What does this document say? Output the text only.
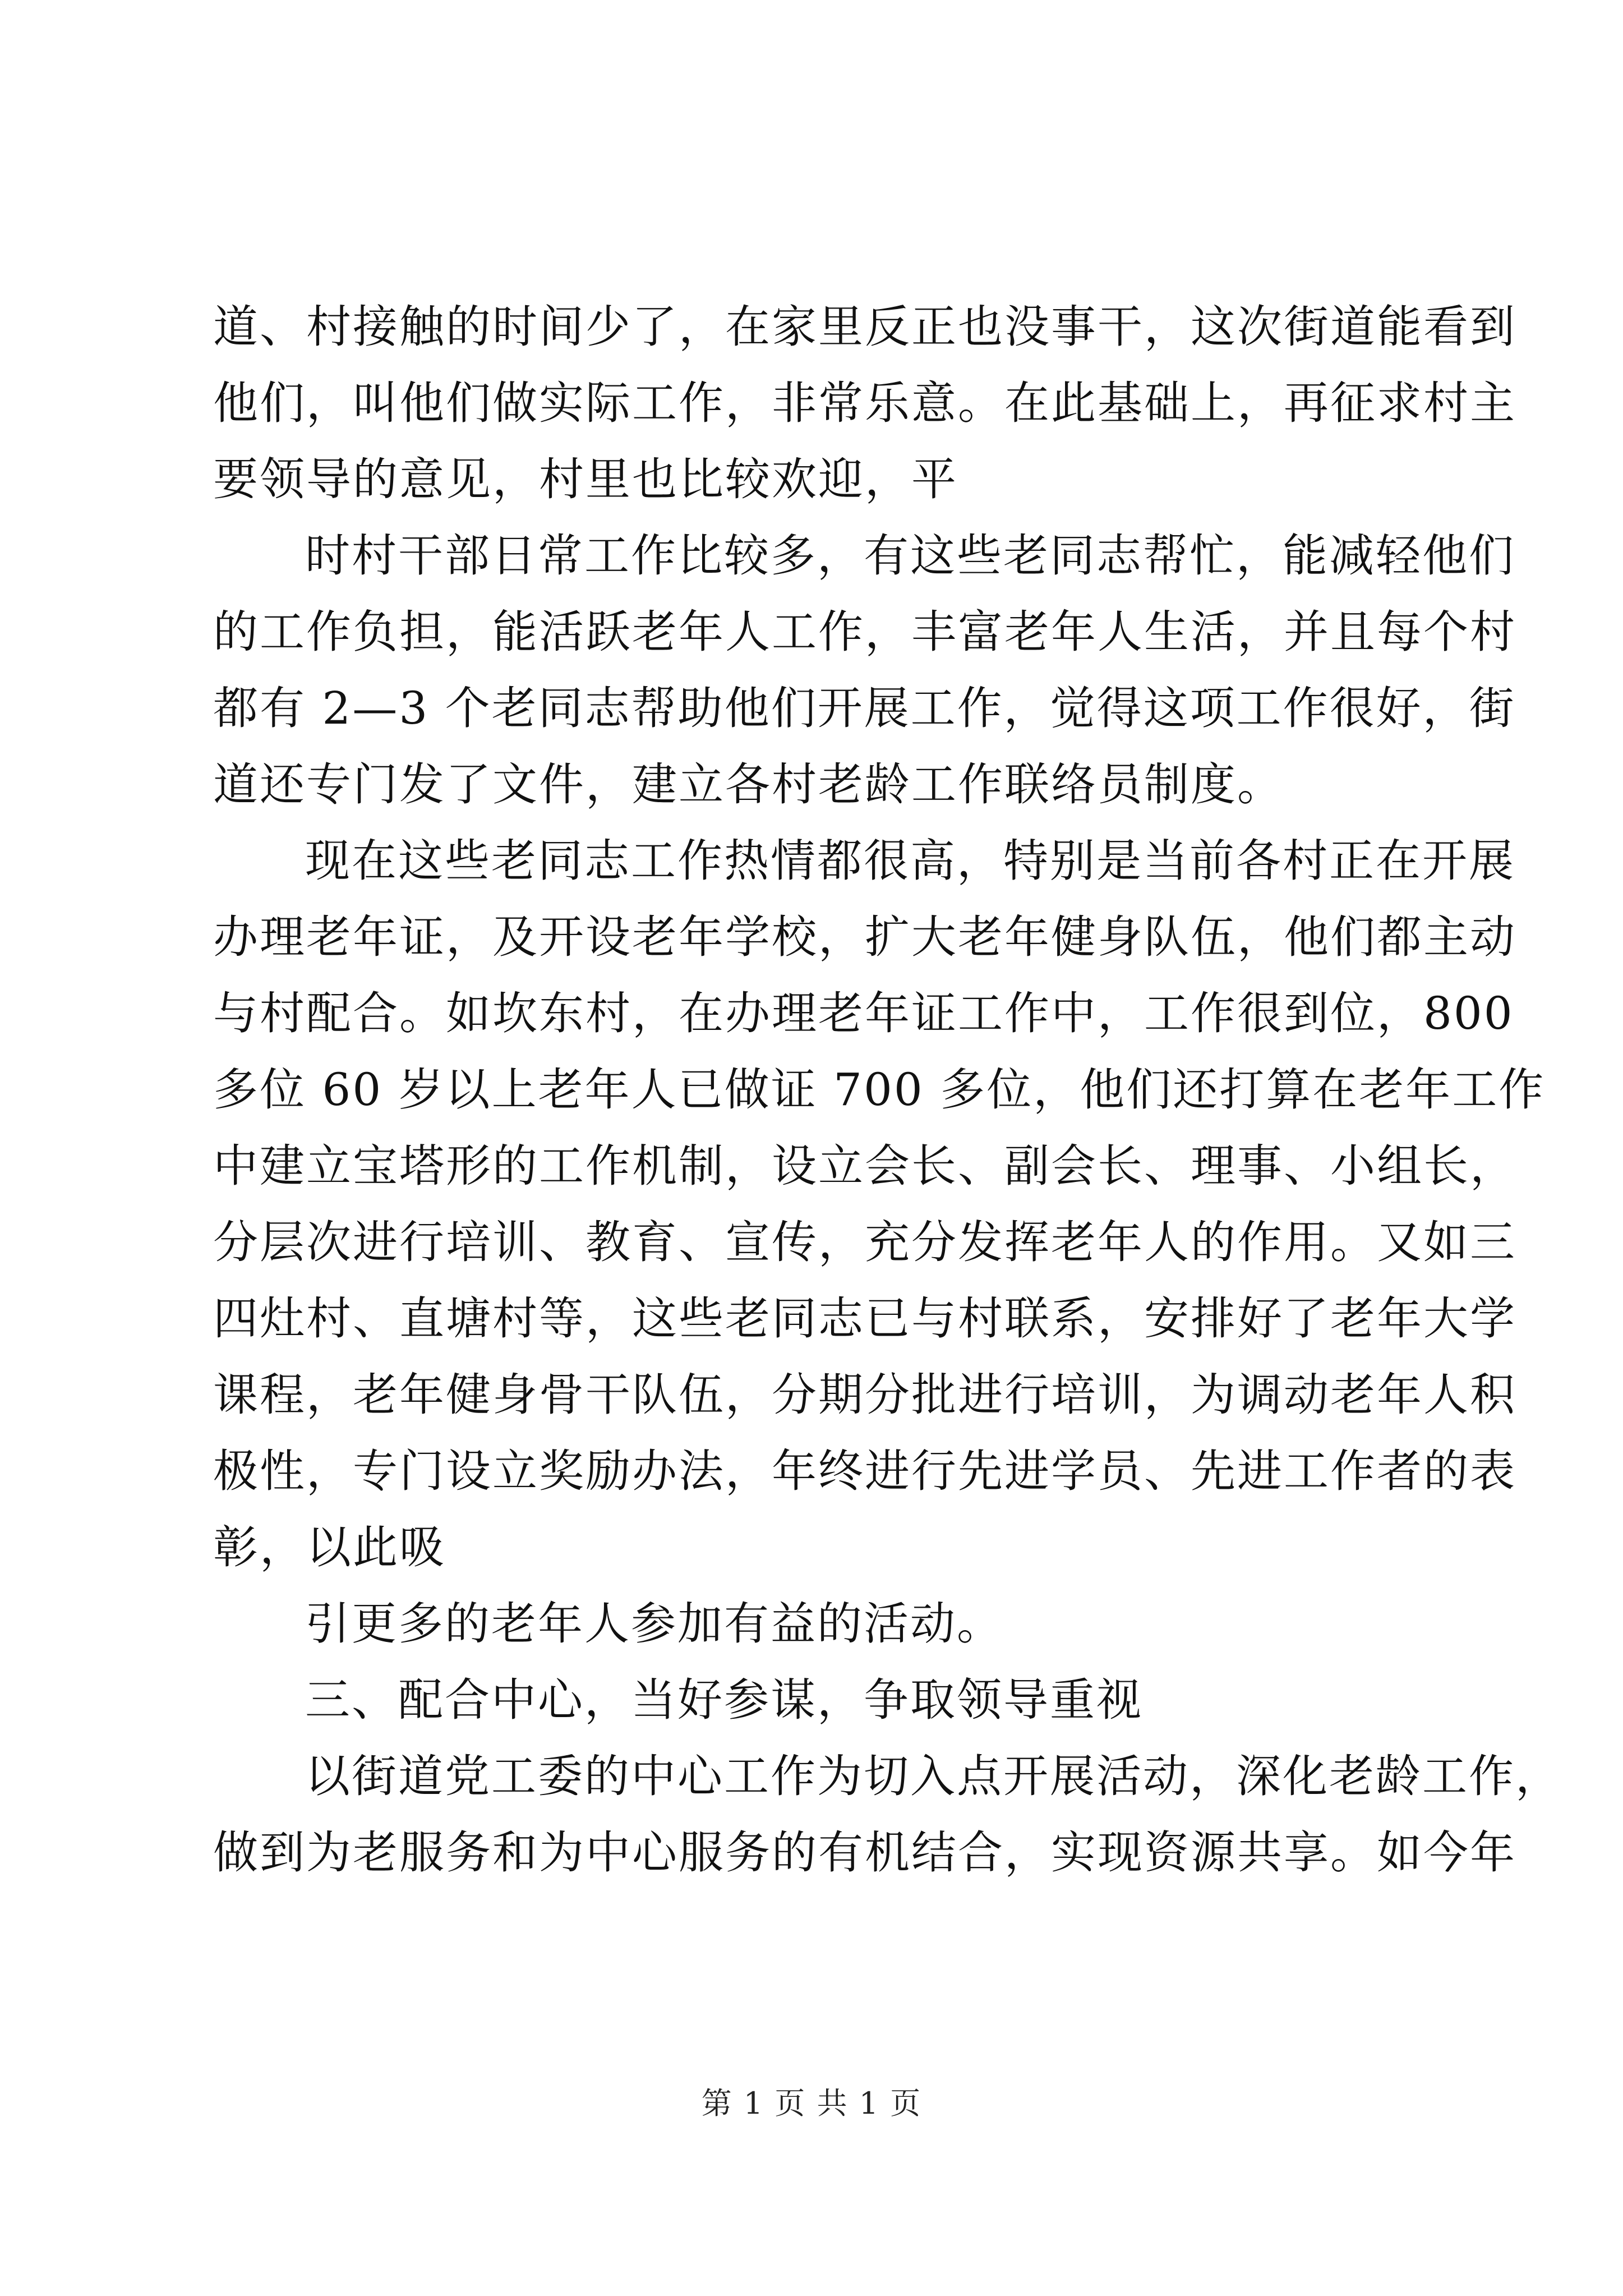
道、村接触的时间少了，在家里反正也没事干，这次街道能看到
他们，叫他们做实际工作，非常乐意。在此基础上，再征求村主
要领导的意见，村里也比较欢迎，平
时村干部日常工作比较多，有这些老同志帮忙，能减轻他们
的工作负担，能活跃老年人工作，丰富老年人生活，并且每个村
都有 2—3 个老同志帮助他们开展工作，觉得这项工作很好，街
道还专门发了文件，建立各村老龄工作联络员制度。
现在这些老同志工作热情都很高，特别是当前各村正在开展
办理老年证，及开设老年学校，扩大老年健身队伍，他们都主动
与村配合。如坎东村，在办理老年证工作中，工作很到位，800
多位 60 岁以上老年人已做证 700 多位，他们还打算在老年工作
中建立宝塔形的工作机制，设立会长、副会长、理事、小组长，
分层次进行培训、教育、宣传，充分发挥老年人的作用。又如三
四灶村、直塘村等，这些老同志已与村联系，安排好了老年大学
课程，老年健身骨干队伍，分期分批进行培训，为调动老年人积
极性，专门设立奖励办法，年终进行先进学员、先进工作者的表
彰，以此吸
引更多的老年人参加有益的活动。
三、配合中心，当好参谋，争取领导重视
以街道党工委的中心工作为切入点开展活动，深化老龄工作，
做到为老服务和为中心服务的有机结合，实现资源共享。如今年
第 1 页 共 1 页
